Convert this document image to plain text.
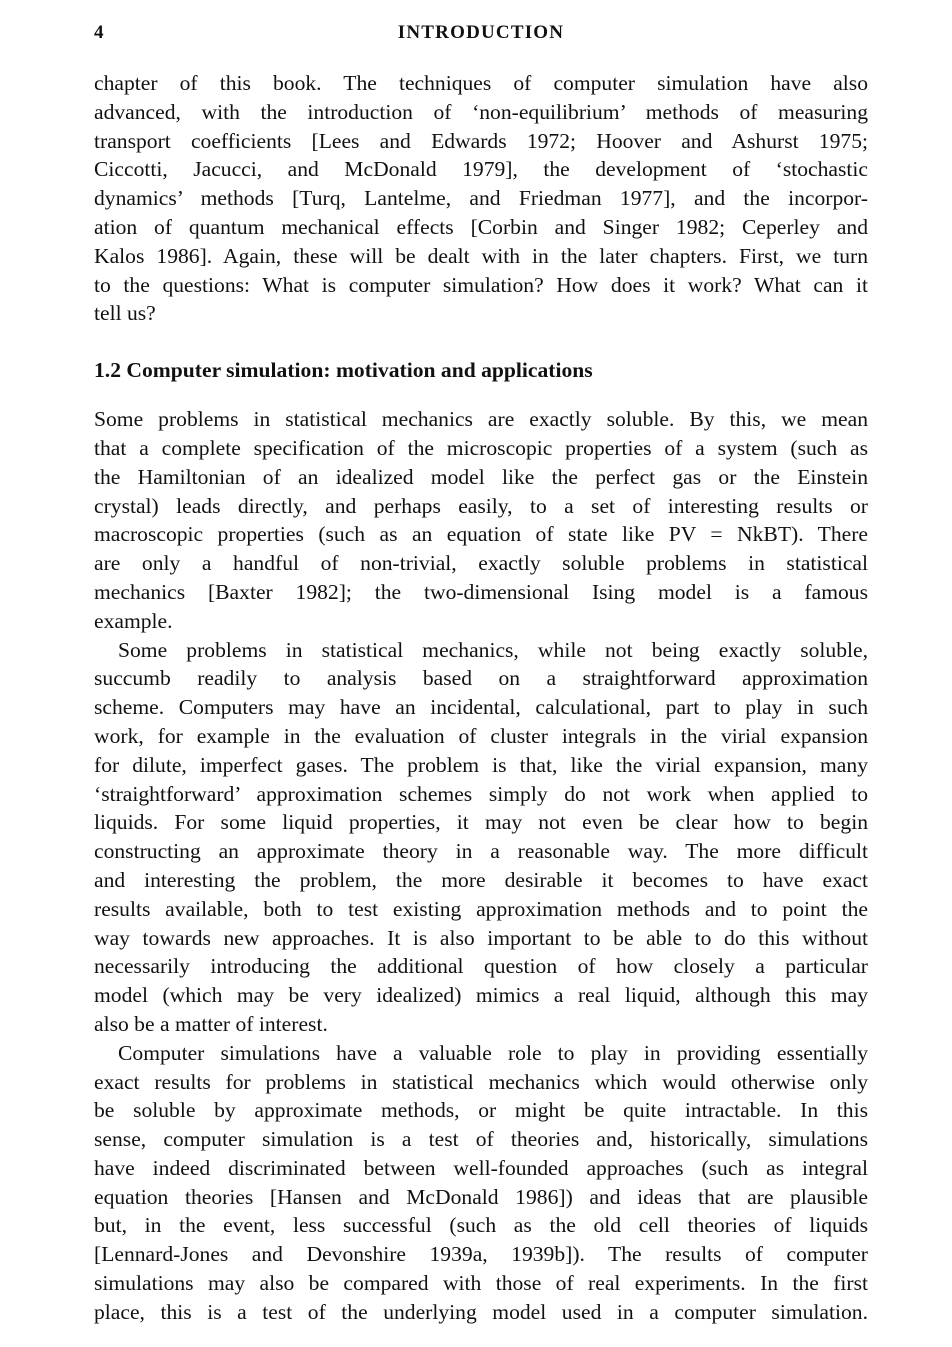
4	INTRODUCTION
chapter of this book. The techniques of computer simulation have also
advanced, with the introduction of ‘non-equilibrium’ methods of measuring
transport coefficients [Lees and Edwards 1972; Hoover and Ashurst 1975;
Ciccotti, Jacucci, and McDonald 1979], the development of ‘stochastic
dynamics’ methods [Turq, Lantelme, and Friedman 1977], and the incorpor-
ation of quantum mechanical effects [Corbin and Singer 1982; Ceperley and
Kalos 1986]. Again, these will be dealt with in the later chapters. First, we turn
to the questions: What is computer simulation? How does it work? What can it
tell us?
1.2 Computer simulation: motivation and applications
Some problems in statistical mechanics are exactly soluble. By this, we mean
that a complete specification of the microscopic properties of a system (such as
the Hamiltonian of an idealized model like the perfect gas or the Einstein
crystal) leads directly, and perhaps easily, to a set of interesting results or
macroscopic properties (such as an equation of state like PV = NkBT). There
are only a handful of non-trivial, exactly soluble problems in statistical
mechanics [Baxter 1982]; the two-dimensional Ising model is a famous
example.
Some problems in statistical mechanics, while not being exactly soluble,
succumb readily to analysis based on a straightforward approximation
scheme. Computers may have an incidental, calculational, part to play in such
work, for example in the evaluation of cluster integrals in the virial expansion
for dilute, imperfect gases. The problem is that, like the virial expansion, many
‘straightforward’ approximation schemes simply do not work when applied to
liquids. For some liquid properties, it may not even be clear how to begin
constructing an approximate theory in a reasonable way. The more difficult
and interesting the problem, the more desirable it becomes to have exact
results available, both to test existing approximation methods and to point the
way towards new approaches. It is also important to be able to do this without
necessarily introducing the additional question of how closely a particular
model (which may be very idealized) mimics a real liquid, although this may
also be a matter of interest.
Computer simulations have a valuable role to play in providing essentially
exact results for problems in statistical mechanics which would otherwise only
be soluble by approximate methods, or might be quite intractable. In this
sense, computer simulation is a test of theories and, historically, simulations
have indeed discriminated between well-founded approaches (such as integral
equation theories [Hansen and McDonald 1986]) and ideas that are plausible
but, in the event, less successful (such as the old cell theories of liquids
[Lennard-Jones and Devonshire 1939a, 1939b]). The results of computer
simulations may also be compared with those of real experiments. In the first
place, this is a test of the underlying model used in a computer simulation.
